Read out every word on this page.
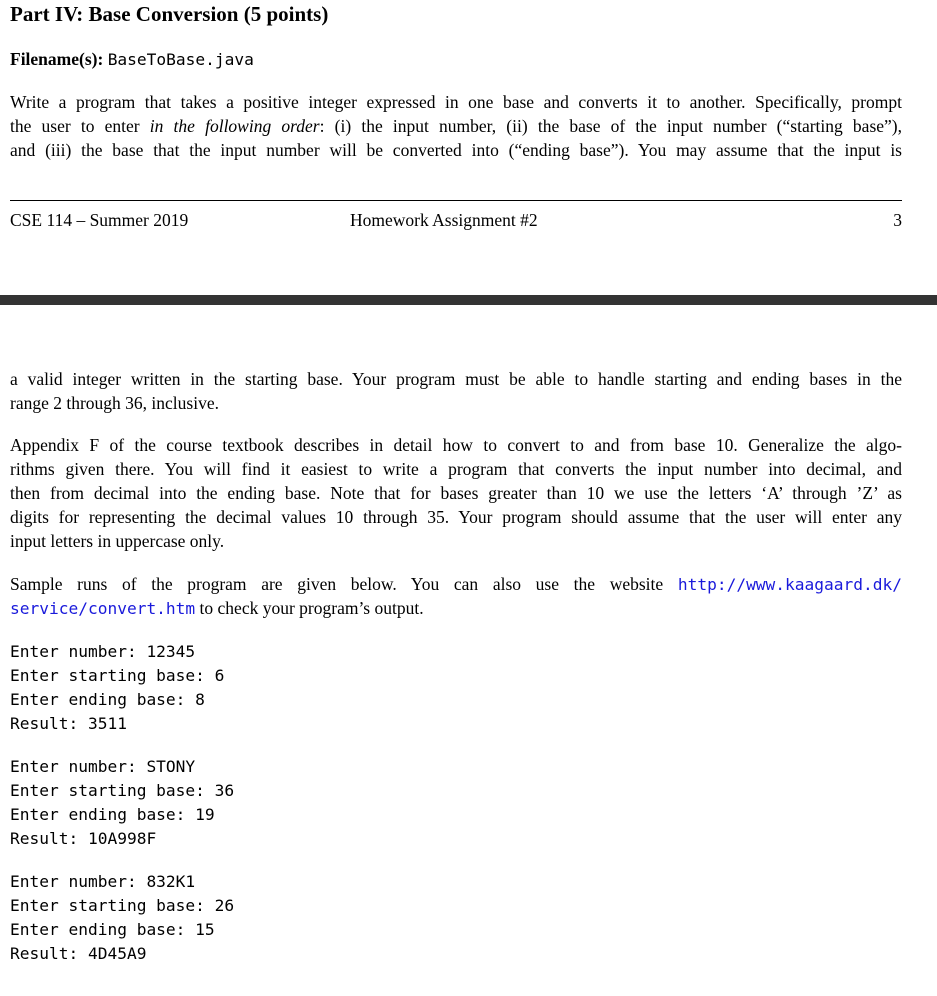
Part IV: Base Conversion (5 points)
Filename(s): BaseToBase.java
Write a program that takes a positive integer expressed in one base and converts it to another. Specifically, prompt
the user to enter in the following order: (i) the input number, (ii) the base of the input number (“starting base”),
and (iii) the base that the input number will be converted into (“ending base”). You may assume that the input is
CSE 114 – Summer 2019	Homework Assignment #2	3
a valid integer written in the starting base. Your program must be able to handle starting and ending bases in the
range 2 through 36, inclusive.
Appendix F of the course textbook describes in detail how to convert to and from base 10. Generalize the algo-
rithms given there. You will find it easiest to write a program that converts the input number into decimal, and
then from decimal into the ending base. Note that for bases greater than 10 we use the letters ‘A’ through ’Z’ as
digits for representing the decimal values 10 through 35. Your program should assume that the user will enter any
input letters in uppercase only.
Sample runs of the program are given below. You can also use the website http://www.kaagaard.dk/
service/convert.htm to check your program’s output.
Enter number: 12345
Enter starting base: 6
Enter ending base: 8
Result: 3511
Enter number: STONY
Enter starting base: 36
Enter ending base: 19
Result: 10A998F
Enter number: 832K1
Enter starting base: 26
Enter ending base: 15
Result: 4D45A9
